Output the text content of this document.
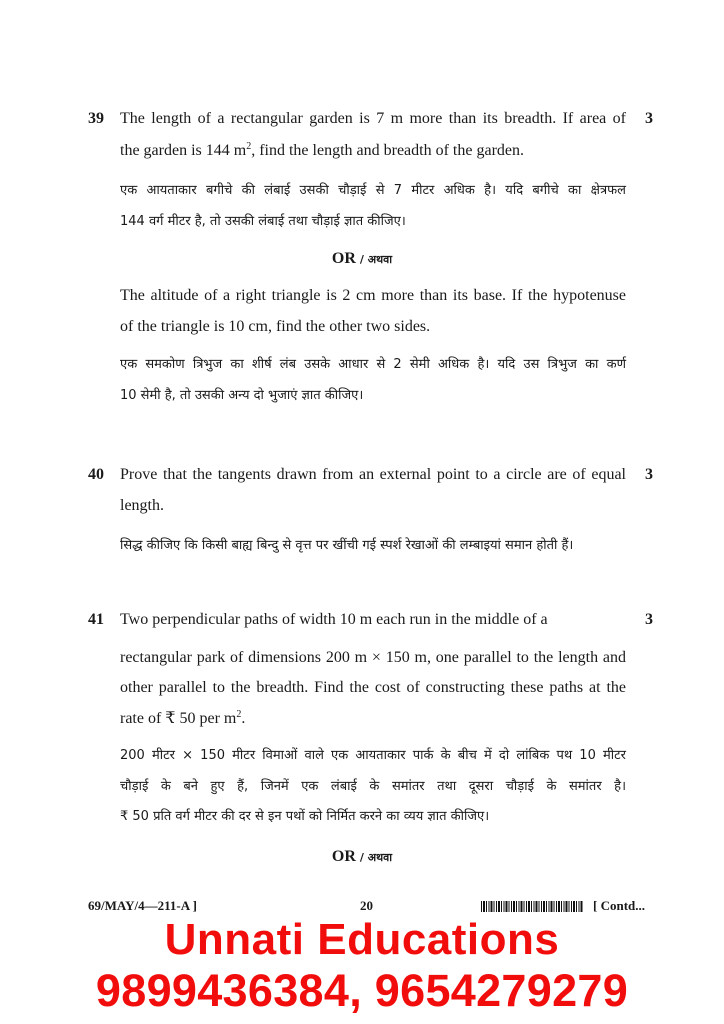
39	3
The length of a rectangular garden is 7 m more than its breadth. If area of
the garden is 144 $m^2$, find the length and breadth of the garden.
एक आयताकार बगीचे की लंबाई उसकी चौड़ाई से 7 मीटर अधिक है। यदि बगीचे का क्षेत्रफल
144 वर्ग मीटर है, तो उसकी लंबाई तथा चौड़ाई ज्ञात कीजिए।
OR / अथवा
The altitude of a right triangle is 2 cm more than its base. If the hypotenuse
of the triangle is 10 cm, find the other two sides.
एक समकोण त्रिभुज का शीर्ष लंब उसके आधार से 2 सेमी अधिक है। यदि उस त्रिभुज का कर्ण
10 सेमी है, तो उसकी अन्य दो भुजाएं ज्ञात कीजिए।
40	3
Prove that the tangents drawn from an external point to a circle are of equal
length.
सिद्ध कीजिए कि किसी बाह्य बिन्दु से वृत्त पर खींची गई स्पर्श रेखाओं की लम्बाइयां समान होती हैं।
41	3
Two perpendicular paths of width 10 m each run in the middle of a
rectangular park of dimensions 200 m × 150 m, one parallel to the length and
other parallel to the breadth. Find the cost of constructing these paths at the
rate of ₹ 50 per $m^2$.
200 मीटर × 150 मीटर विमाओं वाले एक आयताकार पार्क के बीच में दो लांबिक पथ 10 मीटर
चौड़ाई के बने हुए हैं, जिनमें एक लंबाई के समांतर तथा दूसरा चौड़ाई के समांतर है।
₹ 50 प्रति वर्ग मीटर की दर से इन पथों को निर्मित करने का व्यय ज्ञात कीजिए।
OR / अथवा
69/MAY/4—211-A ]	20	[ Contd...
Unnati Educations
9899436384, 9654279279
